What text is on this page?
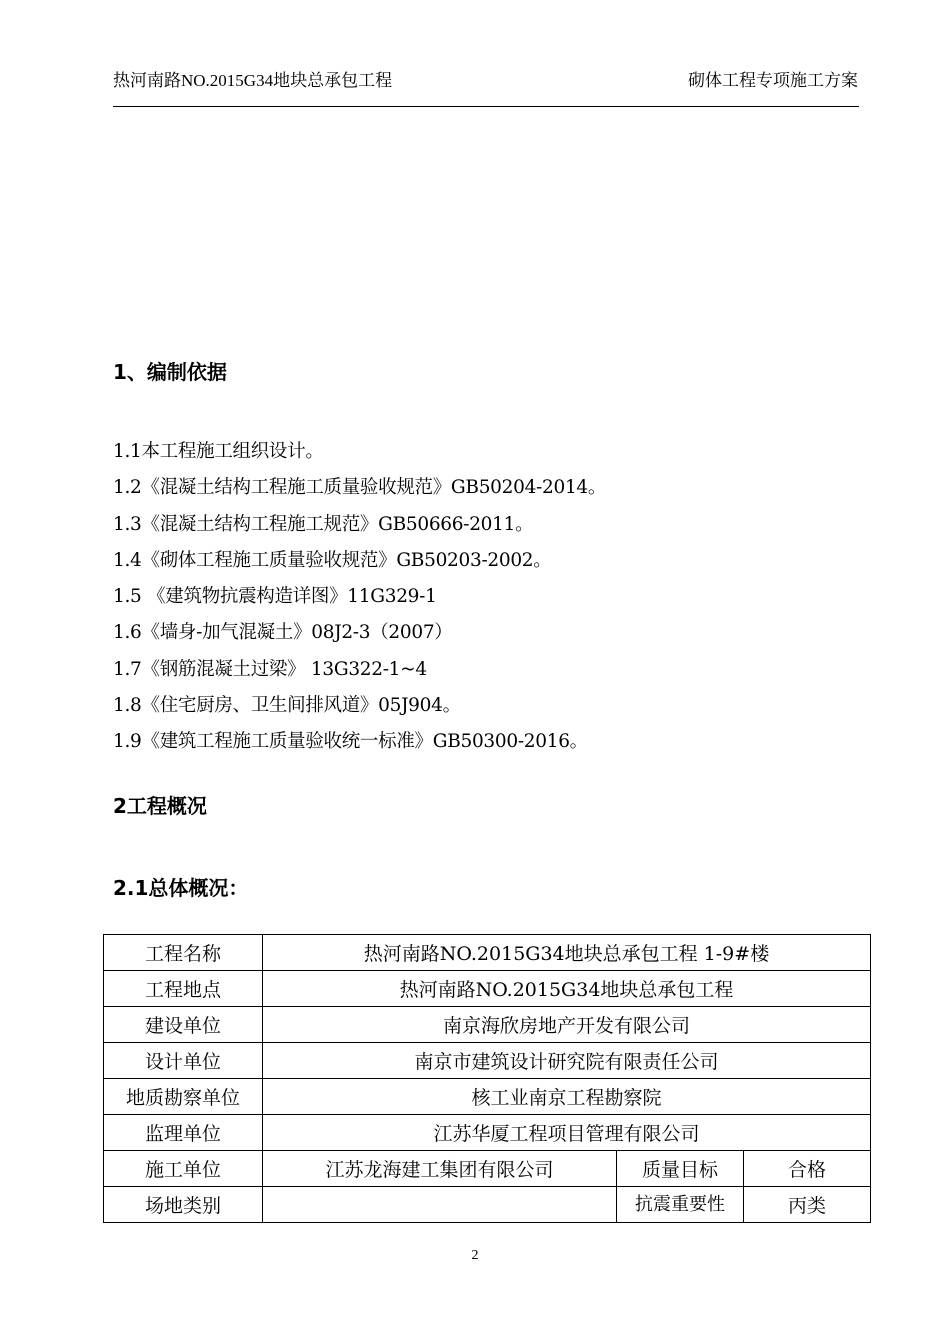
热河南路NO.2015G34地块总承包工程	砌体工程专项施工方案
1、编制依据
1.1本工程施工组织设计。
1.2《混凝土结构工程施工质量验收规范》GB50204-2014。
1.3《混凝土结构工程施工规范》GB50666-2011。
1.4《砌体工程施工质量验收规范》GB50203-2002。
1.5 《建筑物抗震构造详图》11G329-1
1.6《墙身-加气混凝土》08J2-3（2007）
1.7《钢筋混凝土过梁》 13G322-1~4
1.8《住宅厨房、卫生间排风道》05J904。
1.9《建筑工程施工质量验收统一标准》GB50300-2016。
2工程概况
2.1总体概况：
工程名称	热河南路NO.2015G34地块总承包工程 1-9#楼		
工程地点	热河南路NO.2015G34地块总承包工程		
建设单位	南京海欣房地产开发有限公司		
设计单位	南京市建筑设计研究院有限责任公司		
地质勘察单位	核工业南京工程勘察院		
监理单位	江苏华厦工程项目管理有限公司		
施工单位	江苏龙海建工集团有限公司	质量目标	合格
场地类别		抗震重要性	丙类
2
